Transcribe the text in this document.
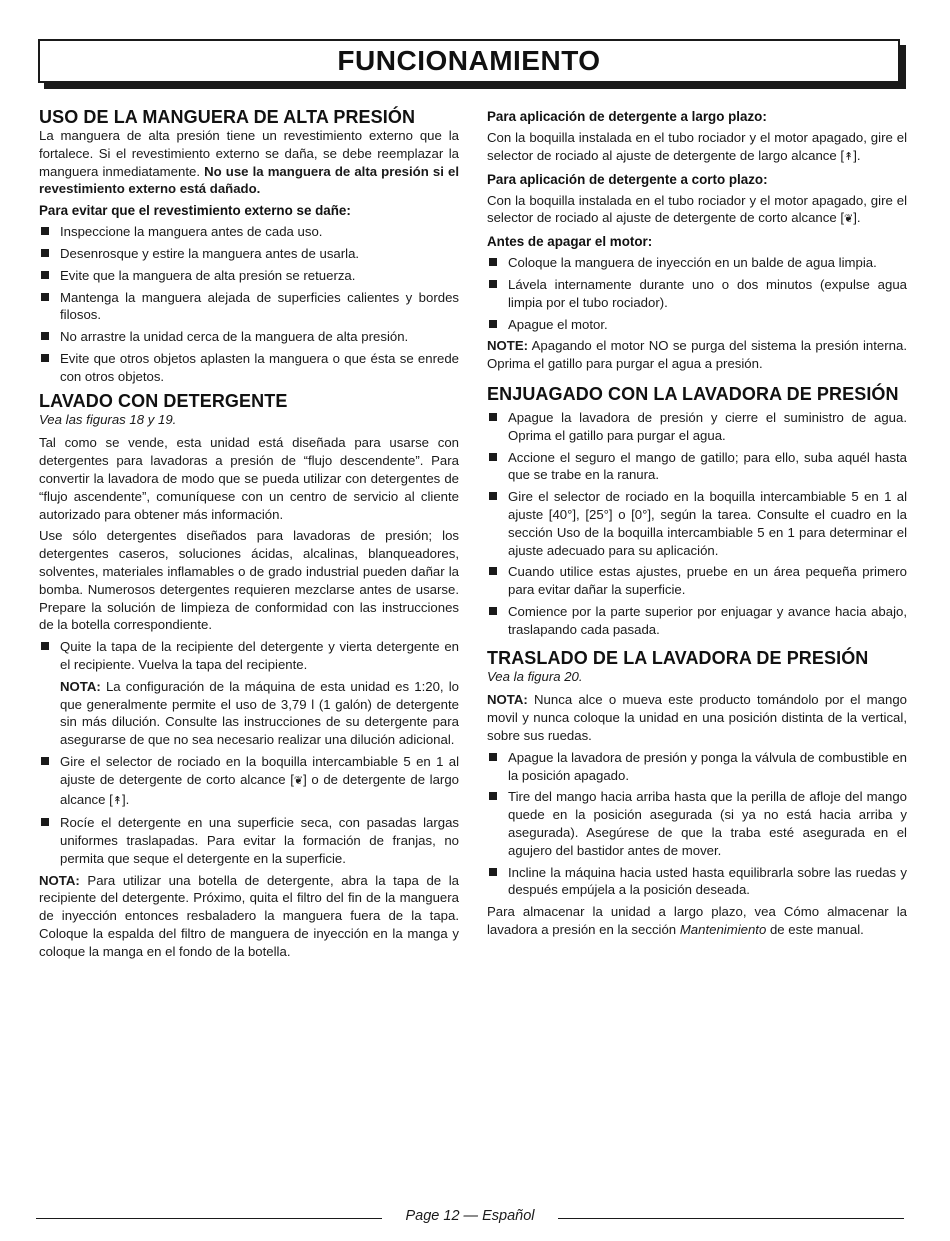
FUNCIONAMIENTO
USO DE LA MANGUERA DE ALTA PRESIÓN

La manguera de alta presión tiene un revestimiento externo que la fortalece. Si el revestimiento externo se daña, se debe reemplazar la manguera inmediatamente. No use la manguera de alta presión si el revestimiento externo está dañado.

Para evitar que el revestimiento externo se dañe:
Inspeccione la manguera antes de cada uso.
Desenrosque y estire la manguera antes de usarla.
Evite que la manguera de alta presión se retuerza.
Mantenga la manguera alejada de superficies calientes y bordes filosos.
No arrastre la unidad cerca de la manguera de alta presión.
Evite que otros objetos aplasten la manguera o que ésta se enrede con otros objetos.
LAVADO CON DETERGENTE

Vea las figuras 18 y 19.

Tal como se vende, esta unidad está diseñada para usarse con detergentes para lavadoras a presión de “flujo descendente”. Para convertir la lavadora de modo que se pueda utilizar con detergentes de “flujo ascendente”, comuníquese con un centro de servicio al cliente autorizado para obtener más información.

Use sólo detergentes diseñados para lavadoras de presión; los detergentes caseros, soluciones ácidas, alcalinas, blanqueadores, solventes, materiales inflamables o de grado industrial pueden dañar la bomba. Numerosos detergentes requieren mezclarse antes de usarse. Prepare la solución de limpieza de conformidad con las instrucciones de la botella correspondiente.

Quite la tapa de la recipiente del detergente y vierta detergente en el recipiente. Vuelva la tapa del recipiente.

NOTA: La configuración de la máquina de esta unidad es 1:20, lo que generalmente permite el uso de 3,79 l (1 galón) de detergente sin más dilución. Consulte las instrucciones de su detergente para asegurarse de que no sea necesario realizar una dilución adicional.

Gire el selector de rociado en la boquilla intercambiable 5 en 1 al ajuste de detergente de corto alcance [❦] o de detergente de largo alcance [↟].
Rocíe el detergente en una superficie seca, con pasadas largas uniformes traslapadas. Para evitar la formación de franjas, no permita que seque el detergente en la superficie.

NOTA: Para utilizar una botella de detergente, abra la tapa de la recipiente del detergente. Próximo, quita el filtro del fin de la manguera de inyección entonces resbaladero la manguera fuera de la tapa. Coloque la espalda del filtro de manguera de inyección en la manga y coloque la manga en el fondo de la botella.

Para aplicación de detergente a largo plazo:

Con la boquilla instalada en el tubo rociador y el motor apagado, gire el selector de rociado al ajuste de detergente de largo alcance [↟].

Para aplicación de detergente a corto plazo:

Con la boquilla instalada en el tubo rociador y el motor apagado, gire el selector de rociado al ajuste de detergente de corto alcance [❦].

Antes de apagar el motor:
Coloque la manguera de inyección en un balde de agua limpia.
Lávela internamente durante uno o dos minutos (expulse agua limpia por el tubo rociador).
Apague el motor.

NOTE: Apagando el motor NO se purga del sistema la presión interna. Oprima el gatillo para purgar el agua a presión.

ENJUAGADO CON LA LAVADORA DE PRESIÓN
Apague la lavadora de presión y cierre el suministro de agua. Oprima el gatillo para purgar el agua.
Accione el seguro el mango de gatillo; para ello, suba aquél hasta que se trabe en la ranura.
Gire el selector de rociado en la boquilla intercambiable 5 en 1 al ajuste [40°], [25°] o [0°], según la tarea. Consulte el cuadro en la sección Uso de la boquilla intercambiable 5 en 1 para determinar el ajuste adecuado para su aplicación.
Cuando utilice estas ajustes, pruebe en un área pequeña primero para evitar dañar la superficie.
Comience por la parte superior por enjuagar y avance hacia abajo, traslapando cada pasada.
TRASLADO DE LA LAVADORA DE PRESIÓN

Vea la figura 20.

NOTA: Nunca alce o mueva este producto tomándolo por el mango movil y nunca coloque la unidad en una posición distinta de la vertical, sobre sus ruedas.

Apague la lavadora de presión y ponga la válvula de combustible en la posición apagado.
Tire del mango hacia arriba hasta que la perilla de afloje del mango quede en la posición asegurada (si ya no está hacia arriba y asegurada). Asegúrese de que la traba esté asegurada en el agujero del bastidor antes de mover.
Incline la máquina hacia usted hasta equilibrarla sobre las ruedas y después empújela a la posición deseada.

Para almacenar la unidad a largo plazo, vea Cómo almacenar la lavadora a presión en la sección Mantenimiento de este manual.

Page 12 — Español
